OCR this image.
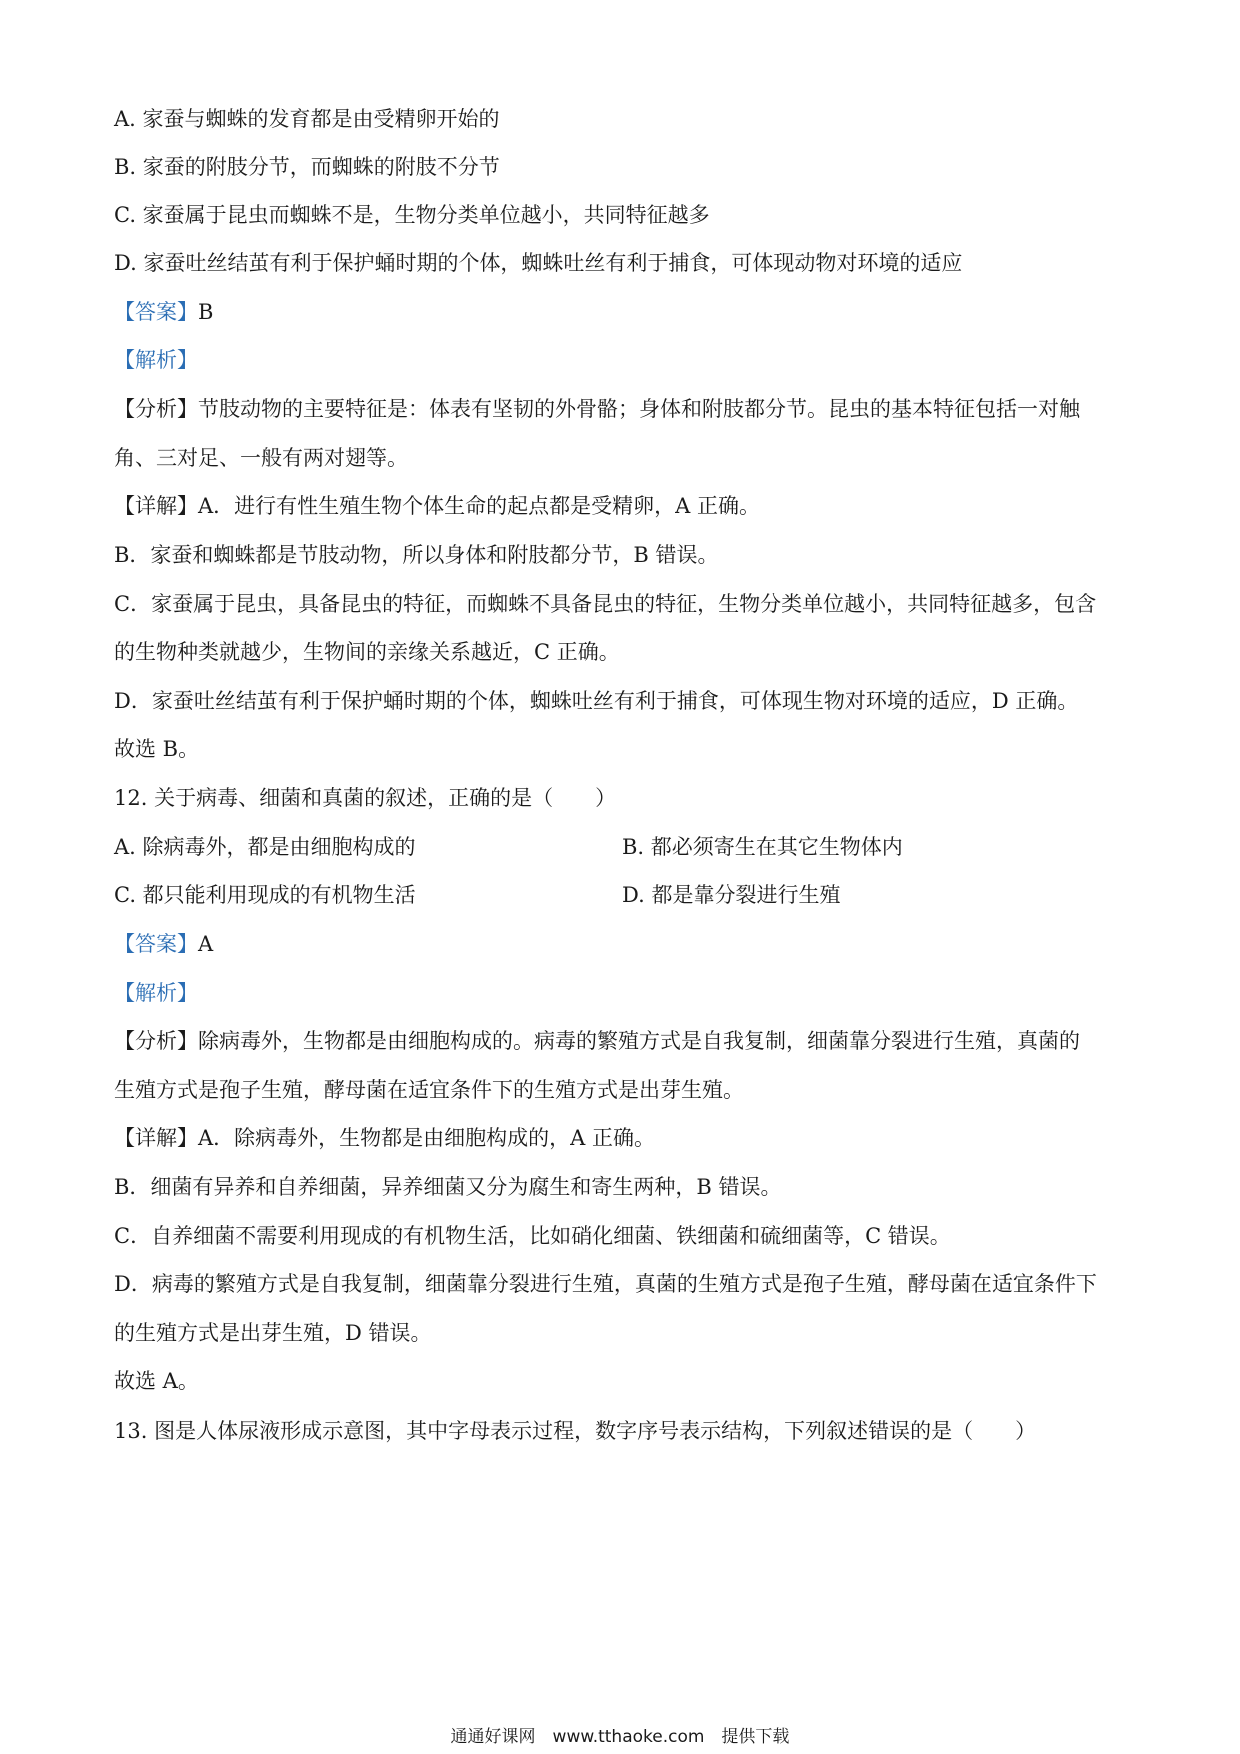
A. 家蚕与蜘蛛的发育都是由受精卵开始的
B. 家蚕的附肢分节，而蜘蛛的附肢不分节
C. 家蚕属于昆虫而蜘蛛不是，生物分类单位越小，共同特征越多
D. 家蚕吐丝结茧有利于保护蛹时期的个体，蜘蛛吐丝有利于捕食，可体现动物对环境的适应
【答案】B
【解析】
【分析】节肢动物的主要特征是：体表有坚韧的外骨骼；身体和附肢都分节。昆虫的基本特征包括一对触
角、三对足、一般有两对翅等。
【详解】A．进行有性生殖生物个体生命的起点都是受精卵，A 正确。
B．家蚕和蜘蛛都是节肢动物，所以身体和附肢都分节，B 错误。
C．家蚕属于昆虫，具备昆虫的特征，而蜘蛛不具备昆虫的特征，生物分类单位越小，共同特征越多，包含
的生物种类就越少，生物间的亲缘关系越近，C 正确。
D．家蚕吐丝结茧有利于保护蛹时期的个体，蜘蛛吐丝有利于捕食，可体现生物对环境的适应，D 正确。
故选 B。
12. 关于病毒、细菌和真菌的叙述，正确的是（　　）
A. 除病毒外，都是由细胞构成的	B. 都必须寄生在其它生物体内
C. 都只能利用现成的有机物生活	D. 都是靠分裂进行生殖
【答案】A
【解析】
【分析】除病毒外，生物都是由细胞构成的。病毒的繁殖方式是自我复制，细菌靠分裂进行生殖，真菌的
生殖方式是孢子生殖，酵母菌在适宜条件下的生殖方式是出芽生殖。
【详解】A．除病毒外，生物都是由细胞构成的，A 正确。
B．细菌有异养和自养细菌，异养细菌又分为腐生和寄生两种，B 错误。
C．自养细菌不需要利用现成的有机物生活，比如硝化细菌、铁细菌和硫细菌等，C 错误。
D．病毒的繁殖方式是自我复制，细菌靠分裂进行生殖，真菌的生殖方式是孢子生殖，酵母菌在适宜条件下
的生殖方式是出芽生殖，D 错误。
故选 A。
13. 图是人体尿液形成示意图，其中字母表示过程，数字序号表示结构，下列叙述错误的是（　　）
通通好课网　www.tthaoke.com　提供下载
